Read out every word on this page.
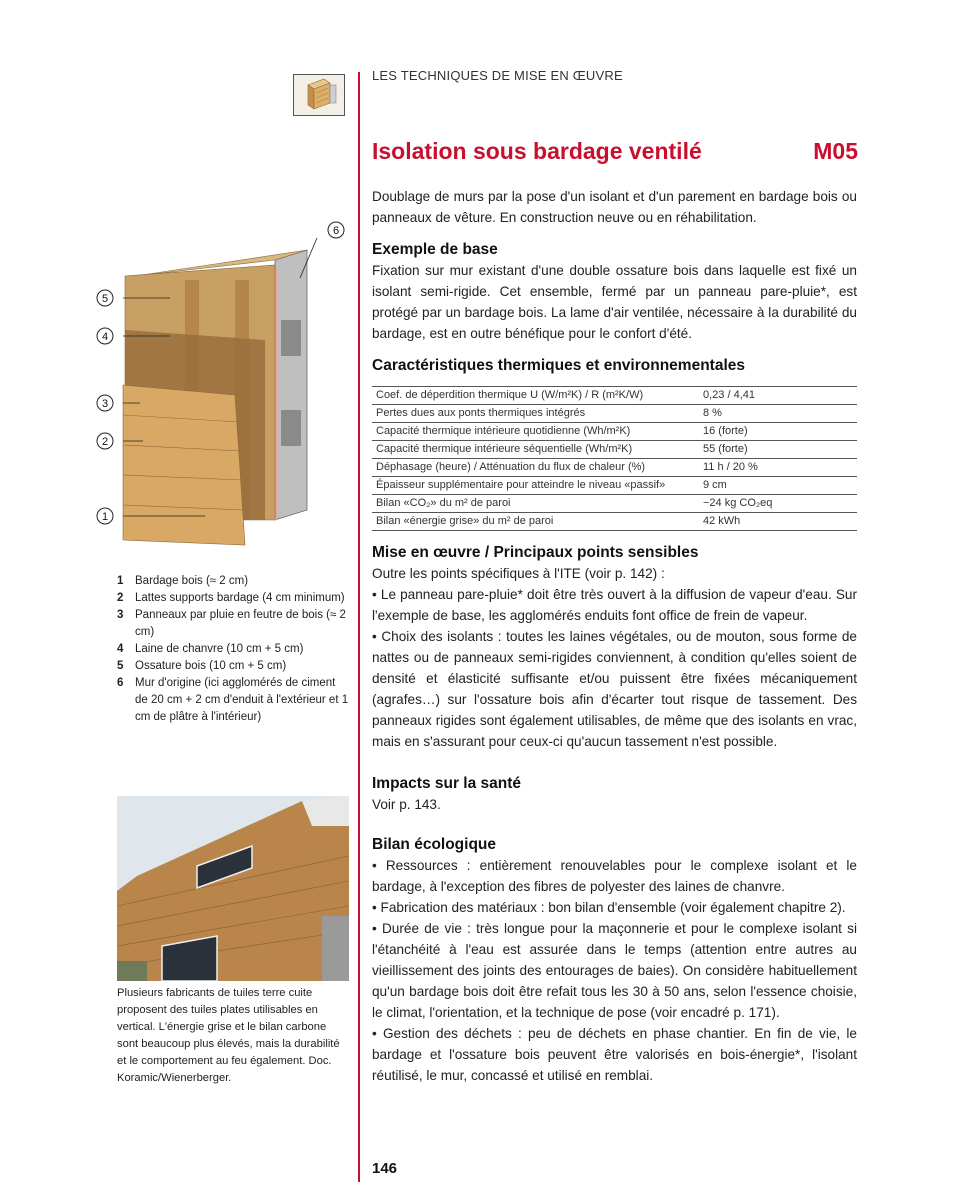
LES TECHNIQUES DE MISE EN ŒUVRE
Isolation sous bardage ventilé	M05

Doublage de murs par la pose d'un isolant et d'un parement en bardage bois ou panneaux de vêture. En construction neuve ou en réhabilitation.

Exemple de base

Fixation sur mur existant d'une double ossature bois dans laquelle est fixé un isolant semi-rigide. Cet ensemble, fermé par un panneau pare-pluie*, est protégé par un bardage bois. La lame d'air ventilée, nécessaire à la durabilité du bardage, est en outre bénéfique pour le confort d'été.

Caractéristiques thermiques et environnementales
Coef. de déperdition thermique U (W/m²K) / R (m²K/W)	0,23 / 4,41
Pertes dues aux ponts thermiques intégrés	8 %
Capacité thermique intérieure quotidienne (Wh/m²K)	16 (forte)
Capacité thermique intérieure séquentielle (Wh/m²K)	55 (forte)
Déphasage (heure) / Atténuation du flux de chaleur (%)	11 h / 20 %
Épaisseur supplémentaire pour atteindre le niveau «passif»	9 cm
Bilan «CO₂» du m² de paroi	−24 kg CO₂eq
Bilan «énergie grise» du m² de paroi	42 kWh
Mise en œuvre / Principaux points sensibles

Outre les points spécifiques à l'ITE (voir p. 142) :

• Le panneau pare-pluie* doit être très ouvert à la diffusion de vapeur d'eau. Sur l'exemple de base, les agglomérés enduits font office de frein de vapeur.

• Choix des isolants : toutes les laines végétales, ou de mouton, sous forme de nattes ou de panneaux semi-rigides conviennent, à condition qu'elles soient de densité et élasticité suffisante et/ou puissent être fixées mécaniquement (agrafes…) sur l'ossature bois afin d'écarter tout risque de tassement. Des panneaux rigides sont également utilisables, de même que des isolants en vrac, mais en s'assurant pour ceux-ci qu'aucun tassement n'est possible.

Impacts sur la santé

Voir p. 143.

Bilan écologique

• Ressources : entièrement renouvelables pour le complexe isolant et le bardage, à l'exception des fibres de polyester des laines de chanvre.

• Fabrication des matériaux : bon bilan d'ensemble (voir également chapitre 2).

• Durée de vie : très longue pour la maçonnerie et pour le complexe isolant si l'étanchéité à l'eau est assurée dans le temps (attention entre autres au vieillissement des joints des entourages de baies). On considère habituellement qu'un bardage bois doit être refait tous les 30 à 50 ans, selon l'essence choisie, le climat, l'orientation, et la technique de pose (voir encadré p. 171).

• Gestion des déchets : peu de déchets en phase chantier. En fin de vie, le bardage et l'ossature bois peuvent être valorisés en bois-énergie*, l'isolant réutilisé, le mur, concassé et utilisé en remblai.

6
5
4
3
2
1
1	Bardage bois (≈ 2 cm)
2	Lattes supports bardage (4 cm minimum)
3	Panneaux par pluie en feutre de bois (≈ 2 cm)
4	Laine de chanvre (10 cm + 5 cm)
5	Ossature bois (10 cm + 5 cm)
6	Mur d'origine (ici agglomérés de ciment de 20 cm + 2 cm d'enduit à l'extérieur et 1 cm de plâtre à l'intérieur)
Plusieurs fabricants de tuiles terre cuite proposent des tuiles plates utilisables en vertical. L'énergie grise et le bilan carbone sont beaucoup plus élevés, mais la durabilité et le comportement au feu également. Doc. Koramic/Wienerberger.
146
